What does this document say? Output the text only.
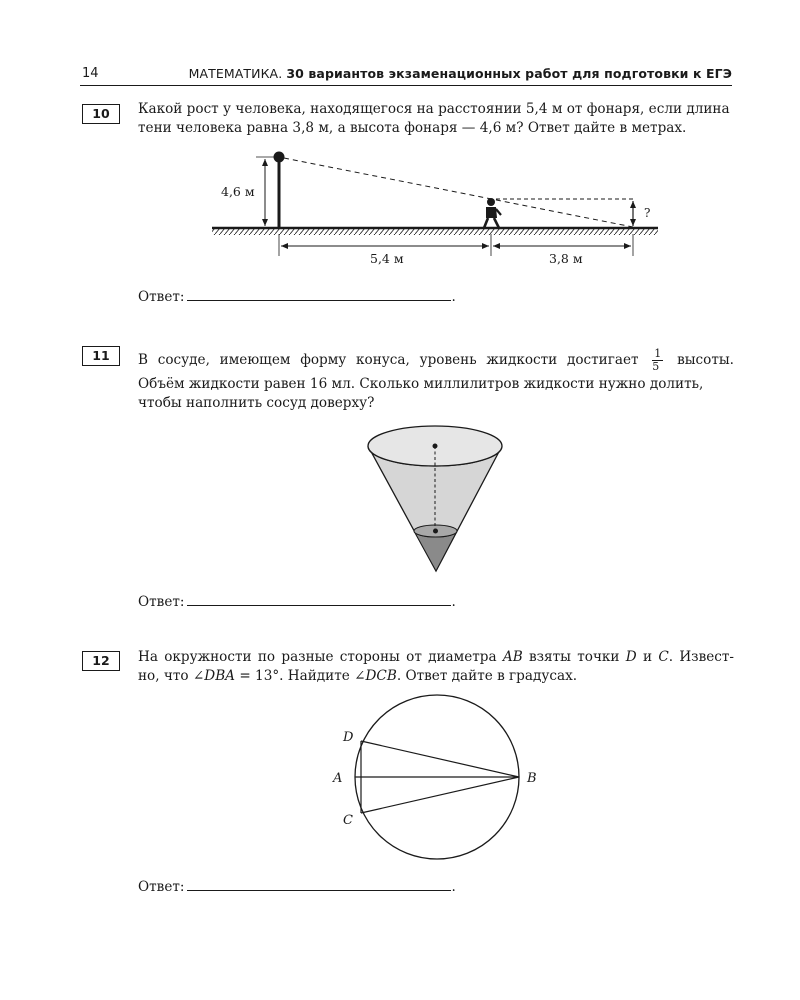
14	МАТЕМАТИКА. 30 вариантов экзаменационных работ для подготовки к ЕГЭ
10	Какой рост у человека, находящегося на расстоянии 5,4 м от фонаря, если длина
тени человека равна 3,8 м, а высота фонаря — 4,6 м? Ответ дайте в метрах.
?
4,6 м
5,4 м	3,8 м
Ответ:	.
11	В сосуде, имеющем форму конуса, уровень жидкости достигает $\frac{1}{5}$ высоты.
Объём жидкости равен 16 мл. Сколько миллилитров жидкости нужно долить,
чтобы наполнить сосуд доверху?
Ответ:	.
12	На окружности по разные стороны от диаметра AB взяты точки D и C. Извест-
но, что ∠DBA = 13°. Найдите ∠DCB. Ответ дайте в градусах.
D
A
C
B
Ответ:	.
